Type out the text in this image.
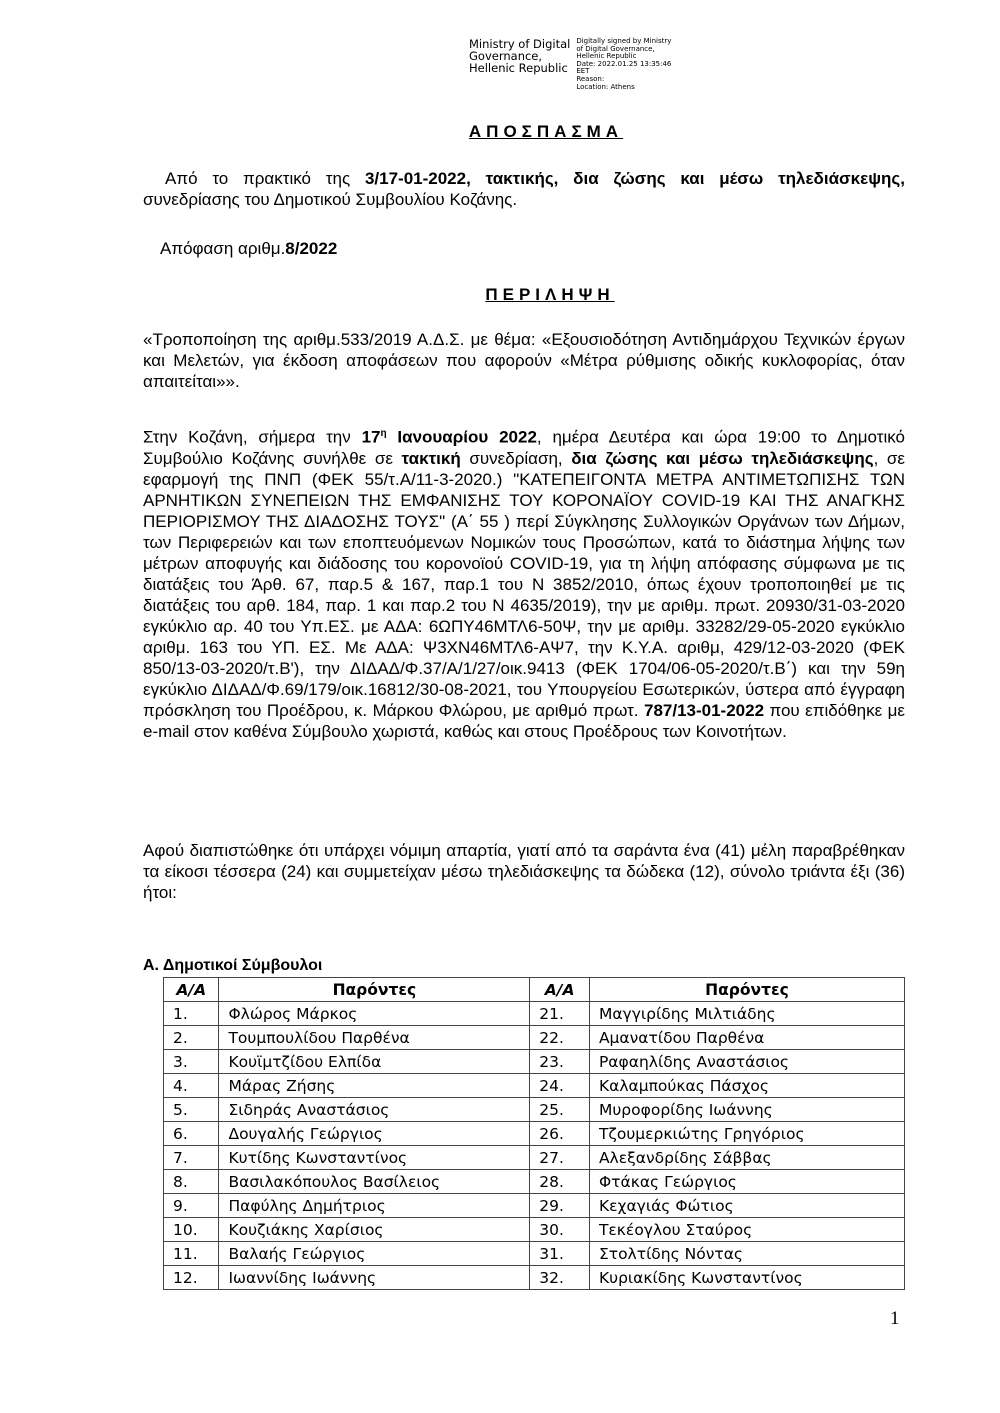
Ministry of Digital
Governance,
Hellenic Republic
Digitally signed by Ministry
of Digital Governance,
Hellenic Republic
Date: 2022.01.25 13:35:46
EET
Reason:
Location: Athens
ΑΠΟΣΠΑΣΜΑ
Από το πρακτικό της 3/17-01-2022, τακτικής, δια ζώσης και μέσω τηλεδιάσκεψης, συνεδρίασης του Δημοτικού Συμβουλίου Κοζάνης.
Απόφαση αριθμ.8/2022
ΠΕΡΙΛΗΨΗ
«Τροποποίηση της αριθμ.533/2019 Α.Δ.Σ. με θέμα: «Εξουσιοδότηση Αντιδημάρχου Τεχνικών έργων και Μελετών, για έκδοση αποφάσεων που αφορούν «Μέτρα ρύθμισης οδικής κυκλοφορίας, όταν απαιτείται»».
Στην Κοζάνη, σήμερα την $17^\eta$ Ιανουαρίου 2022, ημέρα Δευτέρα και ώρα 19:00 το Δημοτικό Συμβούλιο Κοζάνης συνήλθε σε τακτική συνεδρίαση, δια ζώσης και μέσω τηλεδιάσκεψης, σε εφαρμογή της ΠΝΠ (ΦΕΚ 55/τ.Α/11-3-2020.) "ΚΑΤΕΠΕΙΓΟΝΤΑ ΜΕΤΡΑ ΑΝΤΙΜΕΤΩΠΙΣΗΣ ΤΩΝ ΑΡΝΗΤΙΚΩΝ ΣΥΝΕΠΕΙΩΝ ΤΗΣ ΕΜΦΑΝΙΣΗΣ ΤΟΥ ΚΟΡΟΝΑΪΟΥ COVID-19 ΚΑΙ ΤΗΣ ΑΝΑΓΚΗΣ ΠΕΡΙΟΡΙΣΜΟΥ ΤΗΣ ΔΙΑΔΟΣΗΣ ΤΟΥΣ" (Α΄ 55 ) περί Σύγκλησης Συλλογικών Οργάνων των Δήμων, των Περιφερειών και των εποπτευόμενων Νομικών τους Προσώπων, κατά το διάστημα λήψης των μέτρων αποφυγής και διάδοσης του κορονοϊού COVID-19, για τη λήψη απόφασης σύμφωνα με τις διατάξεις του Άρθ. 67, παρ.5 & 167, παρ.1 του Ν 3852/2010, όπως έχουν τροποποιηθεί με τις διατάξεις του αρθ. 184, παρ. 1 και παρ.2 του Ν 4635/2019), την με αριθμ. πρωτ. 20930/31-03-2020 εγκύκλιο αρ. 40 του Υπ.ΕΣ. με ΑΔΑ: 6ΩΠΥ46ΜΤΛ6-50Ψ, την με αριθμ. 33282/29-05-2020 εγκύκλιο αριθμ. 163 του ΥΠ. ΕΣ. Με ΑΔΑ: Ψ3ΧΝ46ΜΤΛ6-ΑΨ7, την Κ.Υ.Α. αριθμ, 429/12-03-2020 (ΦΕΚ 850/13-03-2020/τ.Β'), την ΔΙΔΑΔ/Φ.37/Α/1/27/οικ.9413 (ΦΕΚ 1704/06-05-2020/τ.Β΄) και την 59η εγκύκλιο ΔΙΔΑΔ/Φ.69/179/οικ.16812/30-08-2021, του Υπουργείου Εσωτερικών, ύστερα από έγγραφη πρόσκληση του Προέδρου, κ. Μάρκου Φλώρου, με αριθμό πρωτ. 787/13-01-2022 που επιδόθηκε με e-mail στον καθένα Σύμβουλο χωριστά, καθώς και στους Προέδρους των Κοινοτήτων.
Αφού διαπιστώθηκε ότι υπάρχει νόμιμη απαρτία, γιατί από τα σαράντα ένα (41) μέλη παραβρέθηκαν τα είκοσι τέσσερα (24) και συμμετείχαν μέσω τηλεδιάσκεψης τα δώδεκα (12), σύνολο τριάντα έξι (36) ήτοι:
Α. Δημοτικοί Σύμβουλοι
Α/Α	Παρόντες	Α/Α	Παρόντες
1.	Φλώρος Μάρκος	21.	Μαγγιρίδης Μιλτιάδης
2.	Τουμπουλίδου Παρθένα	22.	Αμανατίδου Παρθένα
3.	Κουϊμτζίδου Ελπίδα	23.	Ραφαηλίδης Αναστάσιος
4.	Μάρας Ζήσης	24.	Καλαμπούκας Πάσχος
5.	Σιδηράς Αναστάσιος	25.	Μυροφορίδης Ιωάννης
6.	Δουγαλής Γεώργιος	26.	Τζουμερκιώτης Γρηγόριος
7.	Κυτίδης Κωνσταντίνος	27.	Αλεξανδρίδης Σάββας
8.	Βασιλακόπουλος Βασίλειος	28.	Φτάκας Γεώργιος
9.	Παφύλης Δημήτριος	29.	Κεχαγιάς Φώτιος
10.	Κουζιάκης Χαρίσιος	30.	Τεκέογλου Σταύρος
11.	Βαλαής Γεώργιος	31.	Στολτίδης Νόντας
12.	Ιωαννίδης Ιωάννης	32.	Κυριακίδης Κωνσταντίνος
1
